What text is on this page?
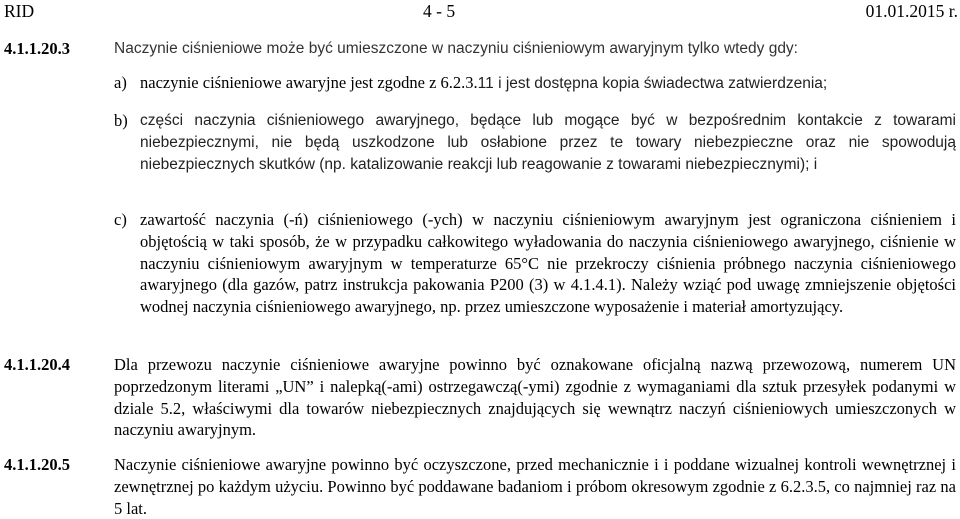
RID	4 - 5	01.01.2015 r.
4.1.1.20.3	Naczynie ciśnieniowe może być umieszczone w naczyniu ciśnieniowym awaryjnym tylko wtedy gdy:
a) naczynie ciśnieniowe awaryjne jest zgodne z 6.2.3.11 i jest dostępna kopia świadectwa zatwierdzenia;
b) części naczynia ciśnieniowego awaryjnego, będące lub mogące być w bezpośrednim kontakcie z towarami niebezpiecznymi, nie będą uszkodzone lub osłabione przez te towary niebezpieczne oraz nie spowodują niebezpiecznych skutków (np. katalizowanie reakcji lub reagowanie z towarami niebezpiecznymi); i
c) zawartość naczynia (-ń) ciśnieniowego (-ych) w naczyniu ciśnieniowym awaryjnym jest ograniczona ciśnieniem i objętością w taki sposób, że w przypadku całkowitego wyładowania do naczynia ciśnieniowego awaryjnego, ciśnienie w naczyniu ciśnieniowym awaryjnym w temperaturze 65°C nie przekroczy ciśnienia próbnego naczynia ciśnieniowego awaryjnego (dla gazów, patrz instrukcja pakowania P200 (3) w 4.1.4.1). Należy wziąć pod uwagę zmniejszenie objętości wodnej naczynia ciśnieniowego awaryjnego, np. przez umieszczone wyposażenie i materiał amortyzujący.
4.1.1.20.4	Dla przewozu naczynie ciśnieniowe awaryjne powinno być oznakowane oficjalną nazwą przewozową, numerem UN poprzedzonym literami „UN” i nalepką(-ami) ostrzegawczą(-ymi) zgodnie z wymaganiami dla sztuk przesyłek podanymi w dziale 5.2, właściwymi dla towarów niebezpiecznych znajdujących się wewnątrz naczyń ciśnieniowych umieszczonych w naczyniu awaryjnym.
4.1.1.20.5	Naczynie ciśnieniowe awaryjne powinno być oczyszczone, przed mechanicznie i i poddane wizualnej kontroli wewnętrznej i zewnętrznej po każdym użyciu. Powinno być poddawane badaniom i próbom okresowym zgodnie z 6.2.3.5, co najmniej raz na 5 lat.
